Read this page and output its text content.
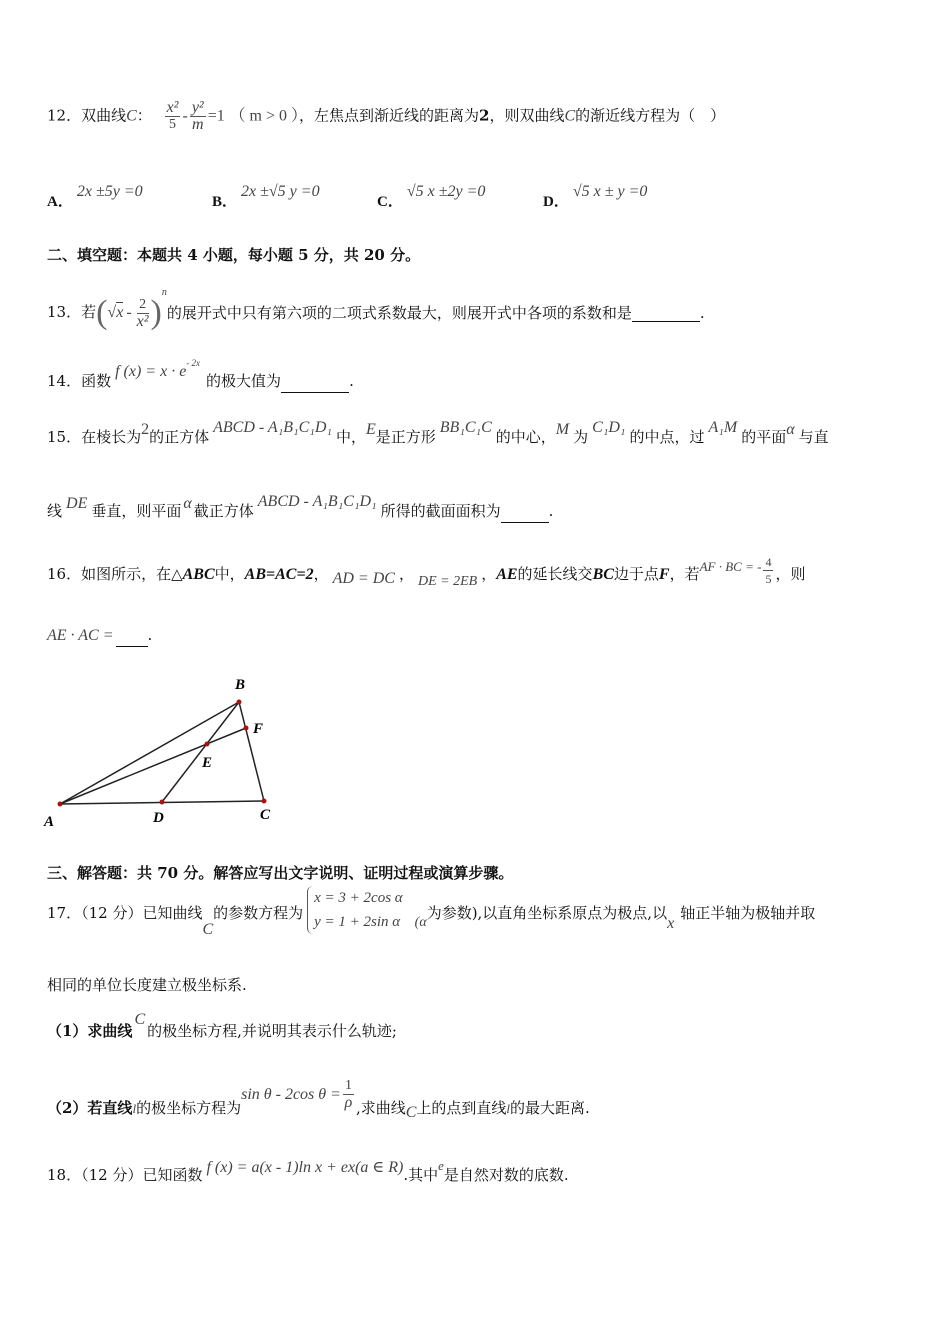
12．双曲线C： $\frac{\text{x²}}{5} - \frac{\text{y²}}{m} =1$ （ m > 0 ），左焦点到渐近线的距离为2，则双曲线C的渐近线方程为（　）
A．2x ±5y =0
B．2x ±√5 y =0
C．√5 x ±2y =0
D．√5 x ± y =0
二、填空题：本题共 4 小题，每小题 5 分，共 20 分。
13．若$(√x - \frac{2}{\text{x²}} )^n$的展开式中只有第六项的二项式系数最大，则展开式中各项的系数和是	.
14．函数f $(x) = x \cdot e^{- 2x}$的极大值为	.
15．在棱长为2的正方体ABCD - A₁B₁C₁D₁中，E是正方形BB₁C₁C的中心，M 为C₁D₁的中点，过A₁M的平面α 与直
线 DE 垂直，则平面 α 截正方体ABCD - A₁B₁C₁D₁所得的截面面积为	.
16．如图所示，在△ABC中，AB=AC=2， AD = DC ， DE = 2EB ，AE的延长线交BC边于点F，若AF · BC = - $\frac{4}{5}$ ，则
AE · AC = .
A
B
C
D
E
F
三、解答题：共 70 分。解答应写出文字说明、证明过程或演算步骤。
17．（12 分）已知曲线C的参数方程为
x = 3 + 2cos α
y = 1 + 2sin α (α为参数),以直角坐标系原点为极点,以x轴正半轴为极轴并取
相同的单位长度建立极坐标系.
（1）求曲线C的极坐标方程,并说明其表示什么轨迹;
（2）若直线l的极坐标方程为sin θ - 2cos $\theta = \frac{1}{\rho}$ ,求曲线C上的点到直线l的最大距离.
18．（12 分）已知函数 f (x) = a(x - 1)ln x + ex(a ∈ R).其中e是自然对数的底数.
